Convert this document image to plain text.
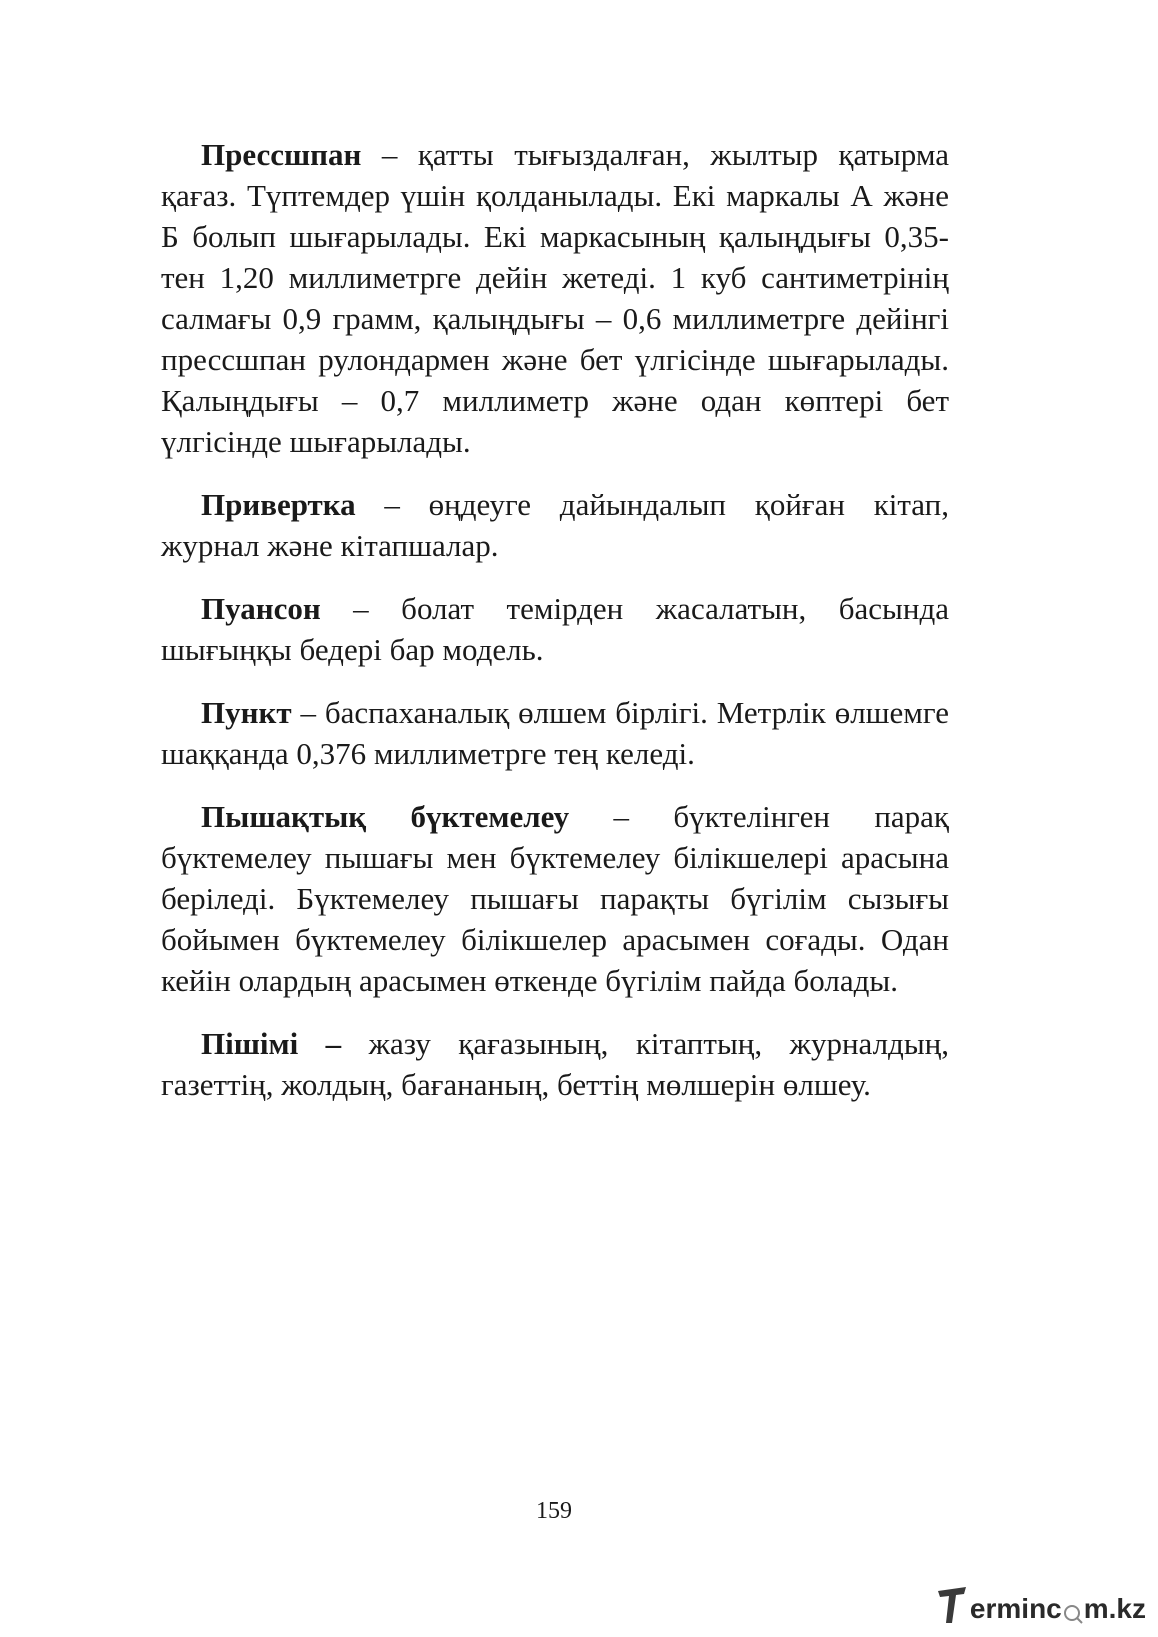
Прессшпан – қатты тығыздалған, жылтыр қатырма қағаз. Түптемдер үшін қолданылады. Екі маркалы А және Б болып шығарылады. Екі маркасының қалыңдығы 0,35-тен 1,20 миллиметрге дейін жетеді. 1 куб сантиметрінің салмағы 0,9 грамм, қалыңдығы – 0,6 миллиметрге дейінгі прессшпан рулондармен және бет үлгісінде шығарылады. Қалыңдығы – 0,7 миллиметр және одан көптері бет үлгісінде шығарылады.

Привертка – өңдеуге дайындалып қойған кітап, журнал және кітапшалар.

Пуансон – болат темірден жасалатын, басында шығыңқы бедері бар модель.

Пункт – баспаханалық өлшем бірлігі. Метрлік өлшемге шаққанда 0,376 миллиметрге тең келеді.

Пышақтық бүктемелеу – бүктелінген парақ бүктемелеу пышағы мен бүктемелеу білікшелері арасына беріледі. Бүктемелеу пышағы парақты бүгілім сызығы бойымен бүктемелеу білікшелер арасымен соғады. Одан кейін олардың арасымен өткенде бүгілім пайда болады.

Пішімі – жазу қағазының, кітаптың, журналдың, газеттің, жолдың, бағананың, беттің мөлшерін өлшеу.

159
T
ermin c m.kz
